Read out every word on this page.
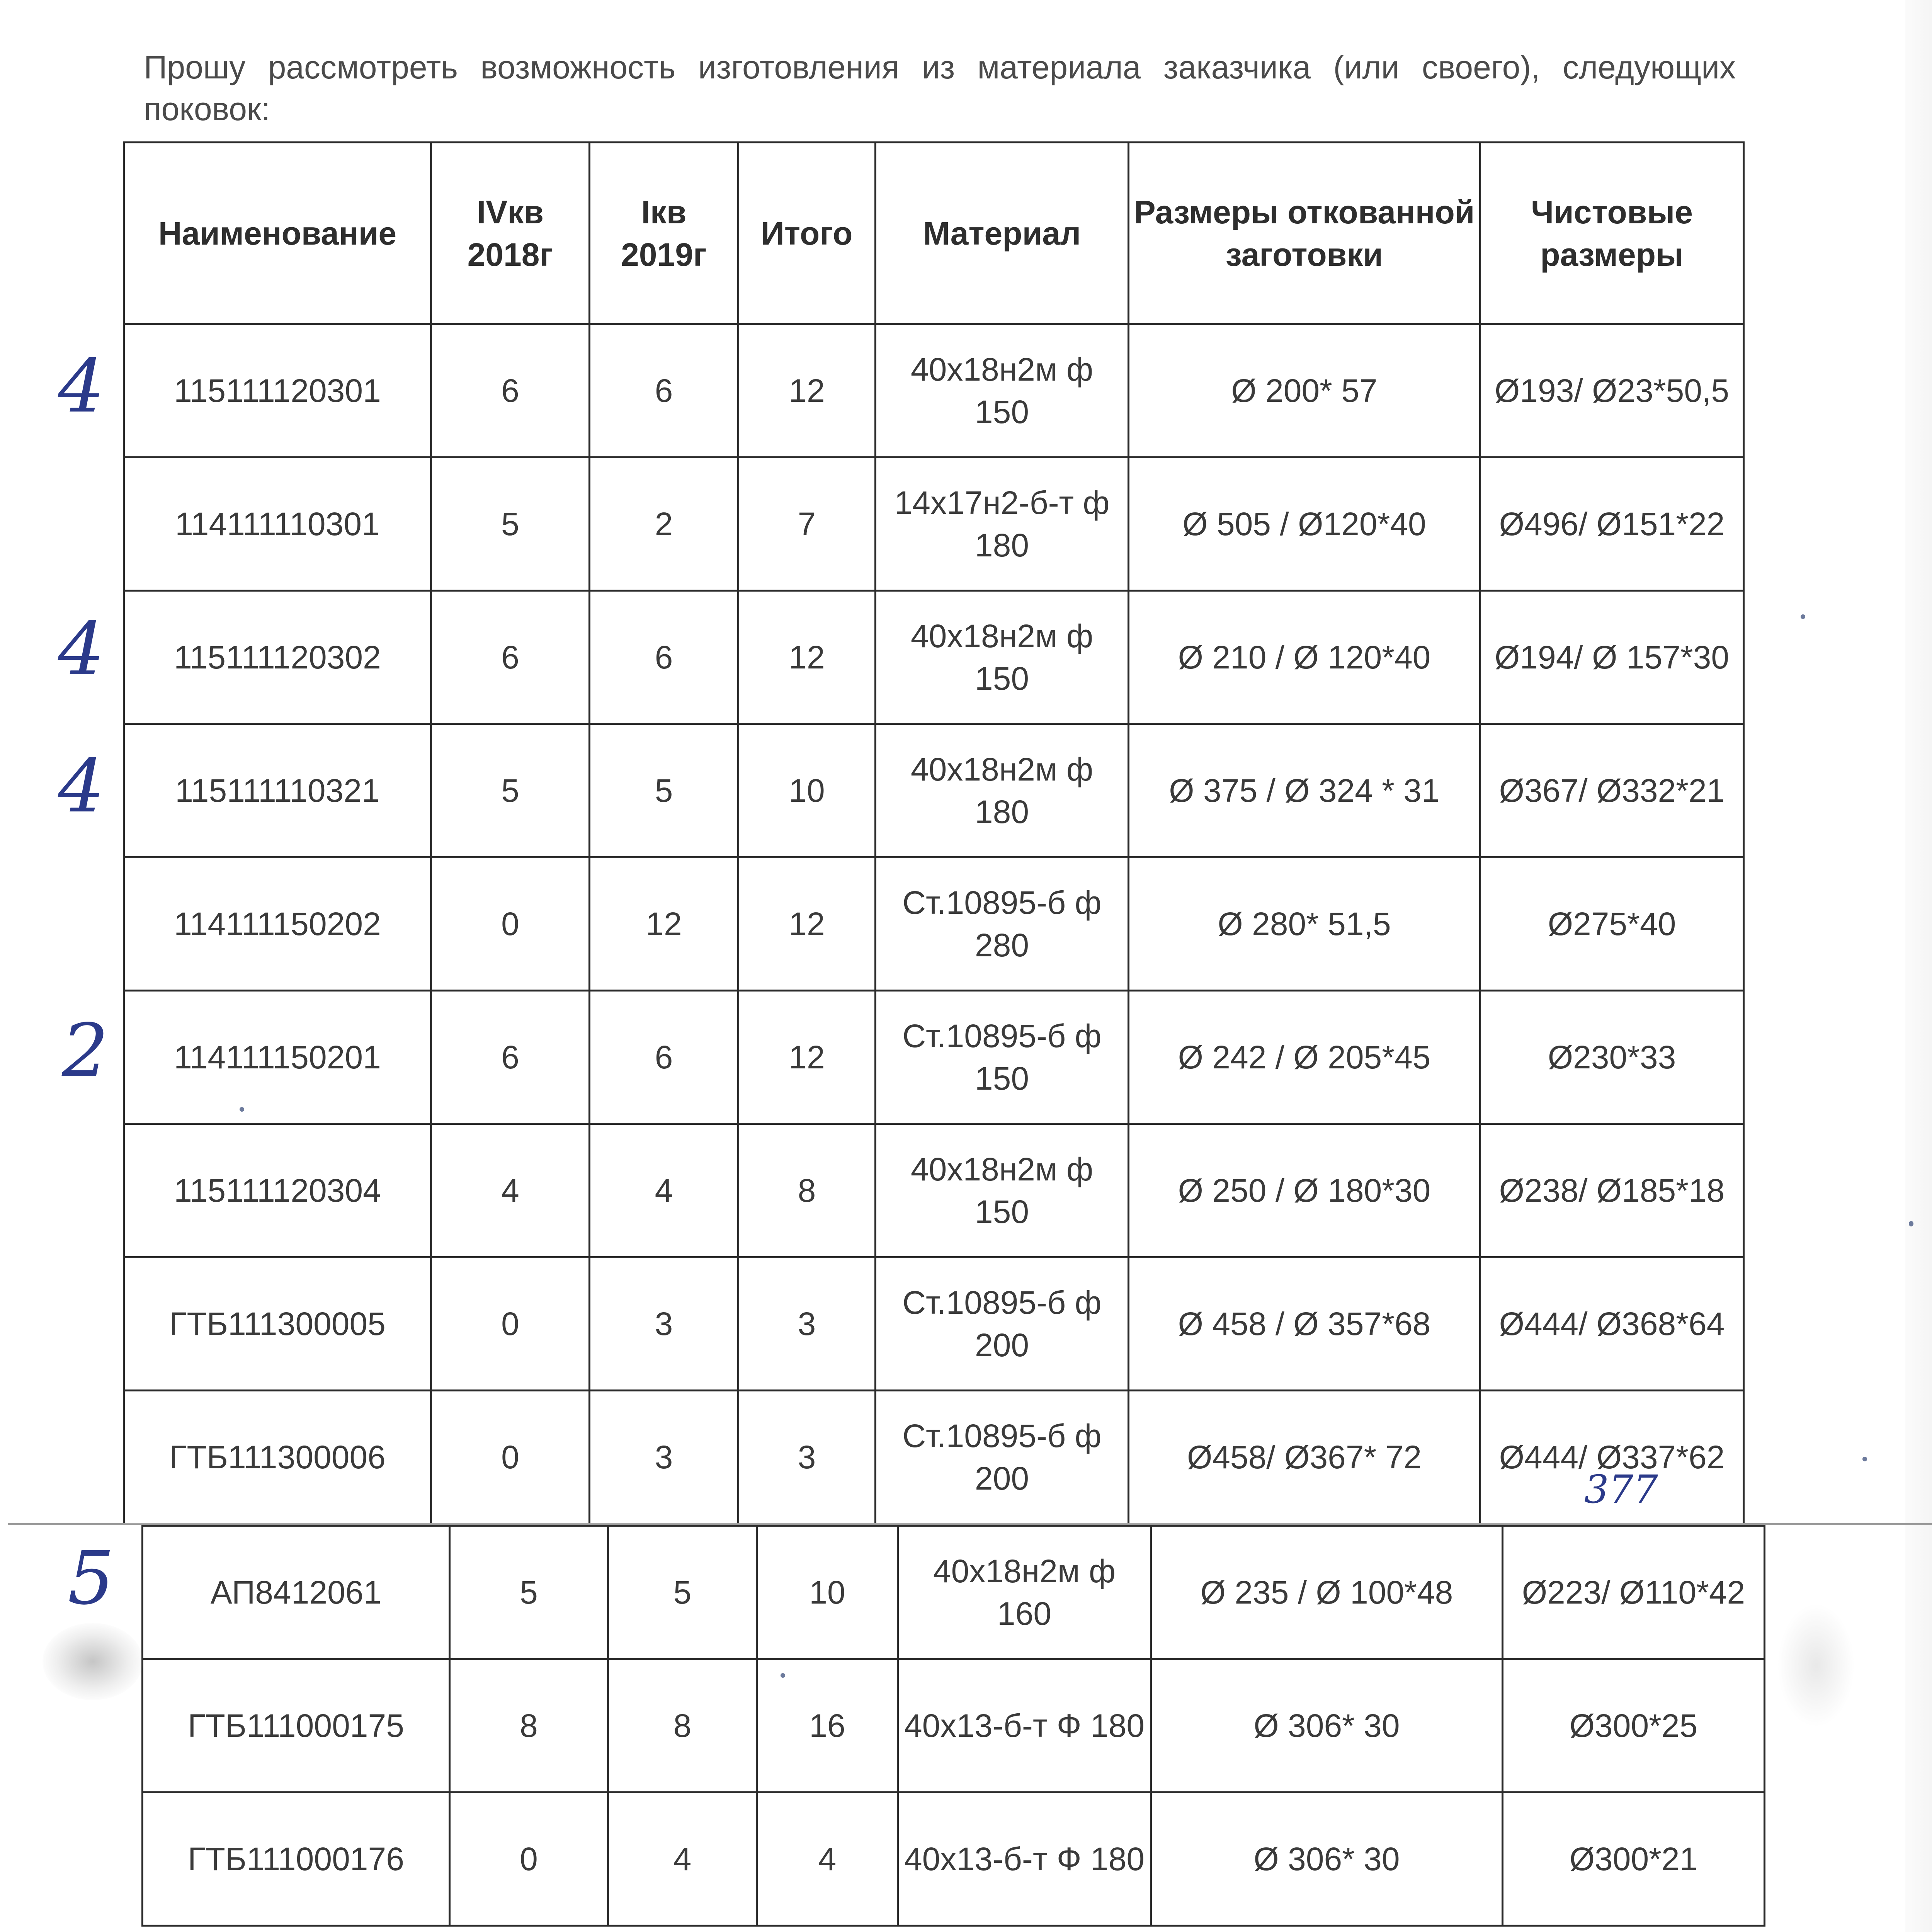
Прошу рассмотреть возможность изготовления из материала заказчика (или своего), следующих поковок:

Наименование	IVкв 2018г	Iкв 2019г	Итого	Материал	Размеры откованной заготовки	Чистовые размеры
115111120301	6	6	12	40х18н2м ф 150	Ø 200* 57	Ø193/ Ø23*50,5
114111110301	5	2	7	14х17н2-б-т ф 180	Ø 505 / Ø120*40	Ø496/ Ø151*22
115111120302	6	6	12	40х18н2м ф 150	Ø 210 / Ø 120*40	Ø194/ Ø 157*30
115111110321	5	5	10	40х18н2м ф 180	Ø 375 / Ø 324 * 31	Ø367/ Ø332*21
114111150202	0	12	12	Ст.10895-б ф 280	Ø 280* 51,5	Ø275*40
114111150201	6	6	12	Ст.10895-б ф 150	Ø 242 / Ø 205*45	Ø230*33
115111120304	4	4	8	40х18н2м ф 150	Ø 250 / Ø 180*30	Ø238/ Ø185*18
ГТБ111300005	0	3	3	Ст.10895-б ф 200	Ø 458 / Ø 357*68	Ø444/ Ø368*64
ГТБ111300006	0	3	3	Ст.10895-б ф 200	Ø458/ Ø367* 72	Ø444/ Ø337*62
АП8412061	5	5	10	40х18н2м ф 160	Ø 235 / Ø 100*48	Ø223/ Ø110*42
ГТБ111000175	8	8	16	40х13-б-т Ф 180	Ø 306* 30	Ø300*25
ГТБ111000176	0	4	4	40х13-б-т Ф 180	Ø 306* 30	Ø300*21
4
4
4
2
5
377
